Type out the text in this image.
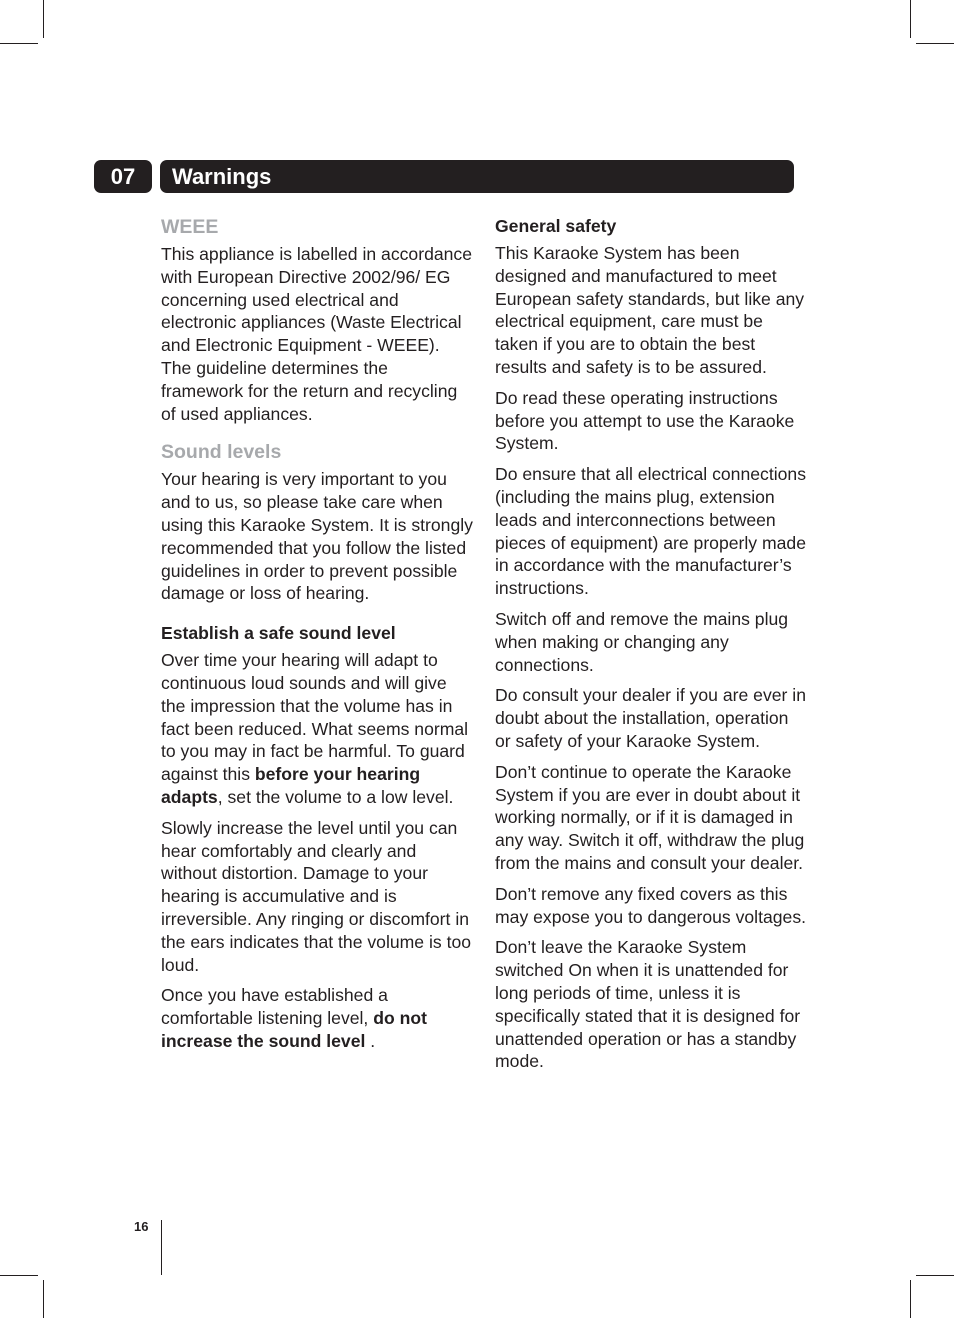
07	Warnings
WEEE

This appliance is labelled in accordance with European Directive 2002/96/ EG concerning used electrical and electronic appliances (Waste Electrical and Electronic Equipment - WEEE). The guideline determines the framework for the return and recycling of used appliances.

Sound levels

Your hearing is very important to you and to us, so please take care when using this Karaoke System. It is strongly recommended that you follow the listed guidelines in order to prevent possible damage or loss of hearing.

Establish a safe sound level

Over time your hearing will adapt to continuous loud sounds and will give the impression that the volume has in fact been reduced. What seems normal to you may in fact be harmful. To guard against this before your hearing adapts, set the volume to a low level.

Slowly increase the level until you can hear comfortably and clearly and without distortion. Damage to your hearing is accumulative and is irreversible. Any ringing or discomfort in the ears indicates that the volume is too loud.

Once you have established a comfortable listening level, do not increase the sound level .

General safety

This Karaoke System has been designed and manufactured to meet European safety standards, but like any electrical equipment, care must be taken if you are to obtain the best results and safety is to be assured.

Do read these operating instructions before you attempt to use the Karaoke System.

Do ensure that all electrical connections (including the mains plug, extension leads and interconnections between pieces of equipment) are properly made in accordance with the manufacturer’s instructions.

Switch off and remove the mains plug when making or changing any connections.

Do consult your dealer if you are ever in doubt about the installation, operation or safety of your Karaoke System.

Don’t continue to operate the Karaoke System if you are ever in doubt about it working normally, or if it is damaged in any way. Switch it off, withdraw the plug from the mains and consult your dealer.

Don’t remove any fixed covers as this may expose you to dangerous voltages.

Don’t leave the Karaoke System switched On when it is unattended for long periods of time, unless it is specifically stated that it is designed for unattended operation or has a standby mode.

16
